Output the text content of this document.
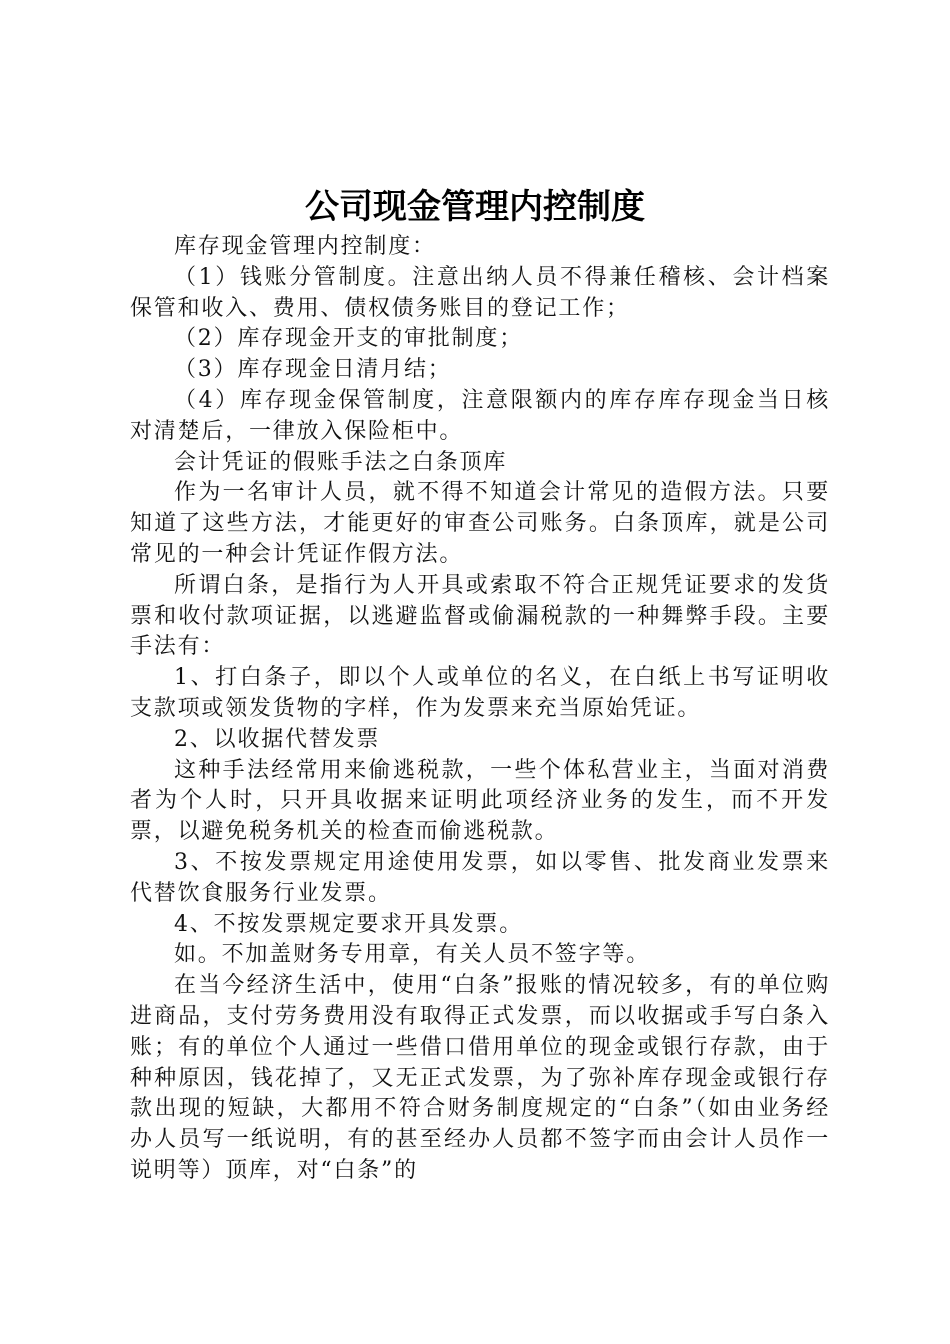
公司现金管理内控制度

库存现金管理内控制度：

（1）钱账分管制度。注意出纳人员不得兼任稽核、会计档案保管和收入、费用、债权债务账目的登记工作；

（2）库存现金开支的审批制度；

（3）库存现金日清月结；

（4）库存现金保管制度，注意限额内的库存库存现金当日核对清楚后，一律放入保险柜中。

会计凭证的假账手法之白条顶库

作为一名审计人员，就不得不知道会计常见的造假方法。只要知道了这些方法，才能更好的审查公司账务。白条顶库，就是公司常见的一种会计凭证作假方法。

所谓白条，是指行为人开具或索取不符合正规凭证要求的发货票和收付款项证据，以逃避监督或偷漏税款的一种舞弊手段。主要手法有：

1、打白条子，即以个人或单位的名义，在白纸上书写证明收支款项或领发货物的字样，作为发票来充当原始凭证。

2、以收据代替发票

这种手法经常用来偷逃税款，一些个体私营业主，当面对消费者为个人时，只开具收据来证明此项经济业务的发生，而不开发票，以避免税务机关的检查而偷逃税款。

3、不按发票规定用途使用发票，如以零售、批发商业发票来代替饮食服务行业发票。

4、不按发票规定要求开具发票。

如。不加盖财务专用章，有关人员不签字等。

在当今经济生活中，使用“白条”报账的情况较多，有的单位购进商品，支付劳务费用没有取得正式发票，而以收据或手写白条入账；有的单位个人通过一些借口借用单位的现金或银行存款，由于种种原因，钱花掉了，又无正式发票，为了弥补库存现金或银行存款出现的短缺，大都用不符合财务制度规定的“白条”（如由业务经办人员写一纸说明，有的甚至经办人员都不签字而由会计人员作一说明等）顶库，对“白条”的
